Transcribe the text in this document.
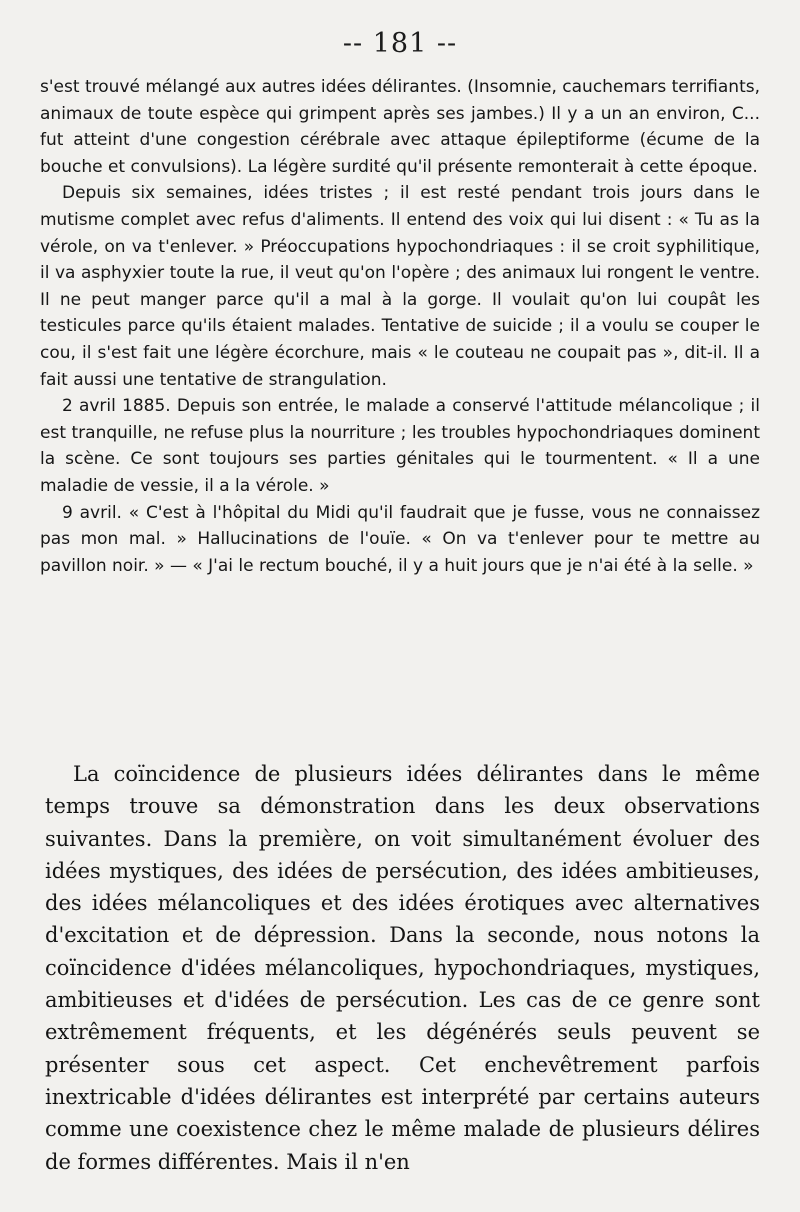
-- 181 --

s'est trouvé mélangé aux autres idées délirantes. (Insomnie, cauchemars terrifiants, animaux de toute espèce qui grimpent après ses jambes.) Il y a un an environ, C... fut atteint d'une congestion cérébrale avec attaque épileptiforme (écume de la bouche et convulsions). La légère surdité qu'il présente remonterait à cette époque.

Depuis six semaines, idées tristes ; il est resté pendant trois jours dans le mutisme complet avec refus d'aliments. Il entend des voix qui lui disent : « Tu as la vérole, on va t'enlever. » Préoccupations hypochondriaques : il se croit syphilitique, il va asphyxier toute la rue, il veut qu'on l'opère ; des animaux lui rongent le ventre. Il ne peut manger parce qu'il a mal à la gorge. Il voulait qu'on lui coupât les testicules parce qu'ils étaient malades. Tentative de suicide ; il a voulu se couper le cou, il s'est fait une légère écorchure, mais « le couteau ne coupait pas », dit-il. Il a fait aussi une tentative de strangulation.

2 avril 1885. Depuis son entrée, le malade a conservé l'attitude mélancolique ; il est tranquille, ne refuse plus la nourriture ; les troubles hypochondriaques dominent la scène. Ce sont toujours ses parties génitales qui le tourmentent. « Il a une maladie de vessie, il a la vérole. »

9 avril. « C'est à l'hôpital du Midi qu'il faudrait que je fusse, vous ne connaissez pas mon mal. » Hallucinations de l'ouïe. « On va t'enlever pour te mettre au pavillon noir. » — « J'ai le rectum bouché, il y a huit jours que je n'ai été à la selle. »

La coïncidence de plusieurs idées délirantes dans le même temps trouve sa démonstration dans les deux observations suivantes. Dans la première, on voit simultanément évoluer des idées mystiques, des idées de persécution, des idées ambitieuses, des idées mélancoliques et des idées érotiques avec alternatives d'excitation et de dépression. Dans la seconde, nous notons la coïncidence d'idées mélancoliques, hypochondriaques, mystiques, ambitieuses et d'idées de persécution. Les cas de ce genre sont extrêmement fréquents, et les dégénérés seuls peuvent se présenter sous cet aspect. Cet enchevêtrement parfois inextricable d'idées délirantes est interprété par certains auteurs comme une coexistence chez le même malade de plusieurs délires de formes différentes. Mais il n'en
